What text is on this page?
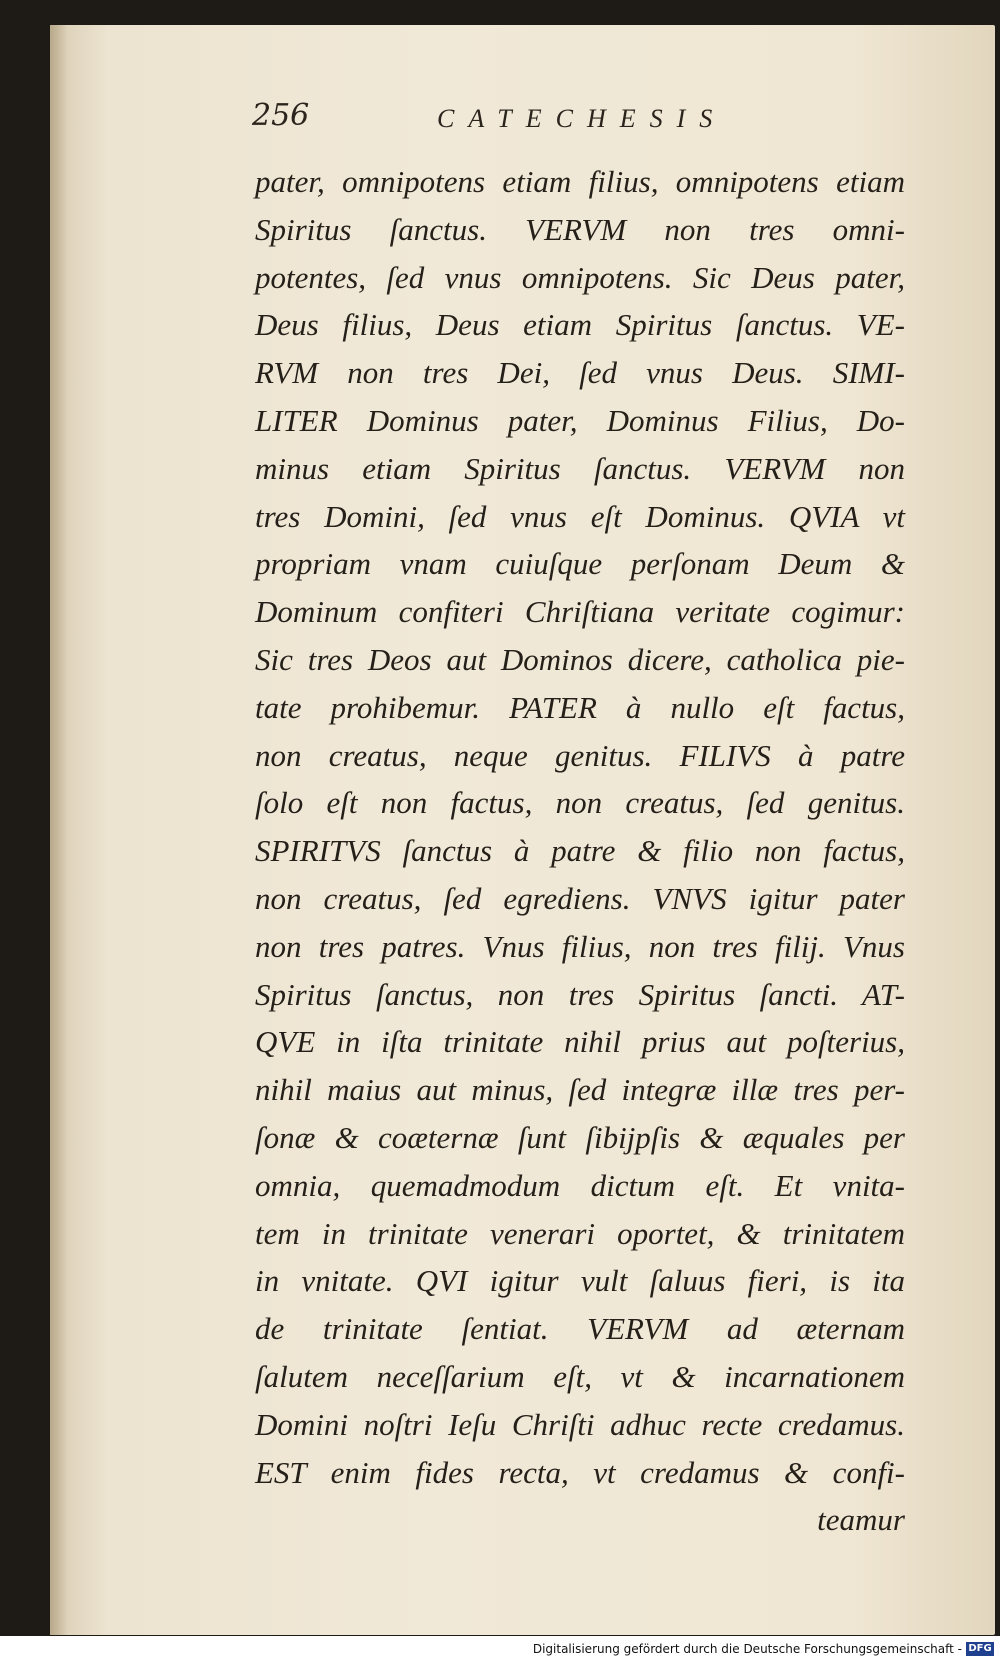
256	CATECHESIS
pater, omnipotens etiam filius, omnipotens etiam
Spiritus ſanctus. VERVM non tres omni-
potentes, ſed vnus omnipotens. Sic Deus pater,
Deus filius, Deus etiam Spiritus ſanctus. VE-
RVM non tres Dei, ſed vnus Deus. SIMI-
LITER Dominus pater, Dominus Filius, Do-
minus etiam Spiritus ſanctus. VERVM non
tres Domini, ſed vnus eſt Dominus. QVIA vt
propriam vnam cuiuſque perſonam Deum &
Dominum confiteri Chriſtiana veritate cogimur:
Sic tres Deos aut Dominos dicere, catholica pie-
tate prohibemur. PATER à nullo eſt factus,
non creatus, neque genitus. FILIVS à patre
ſolo eſt non factus, non creatus, ſed genitus.
SPIRITVS ſanctus à patre & filio non factus,
non creatus, ſed egrediens. VNVS igitur pater
non tres patres. Vnus filius, non tres filij. Vnus
Spiritus ſanctus, non tres Spiritus ſancti. AT-
QVE in iſta trinitate nihil prius aut poſterius,
nihil maius aut minus, ſed integræ illæ tres per-
ſonæ & coæternæ ſunt ſibijpſis & æquales per
omnia, quemadmodum dictum eſt. Et vnita-
tem in trinitate venerari oportet, & trinitatem
in vnitate. QVI igitur vult ſaluus fieri, is ita
de trinitate ſentiat. VERVM ad æternam
ſalutem neceſſarium eſt, vt & incarnationem
Domini noſtri Ieſu Chriſti adhuc recte credamus.
EST enim fides recta, vt credamus & confi-
teamur
Digitalisierung gefördert durch die Deutsche Forschungsgemeinschaft - DFG
